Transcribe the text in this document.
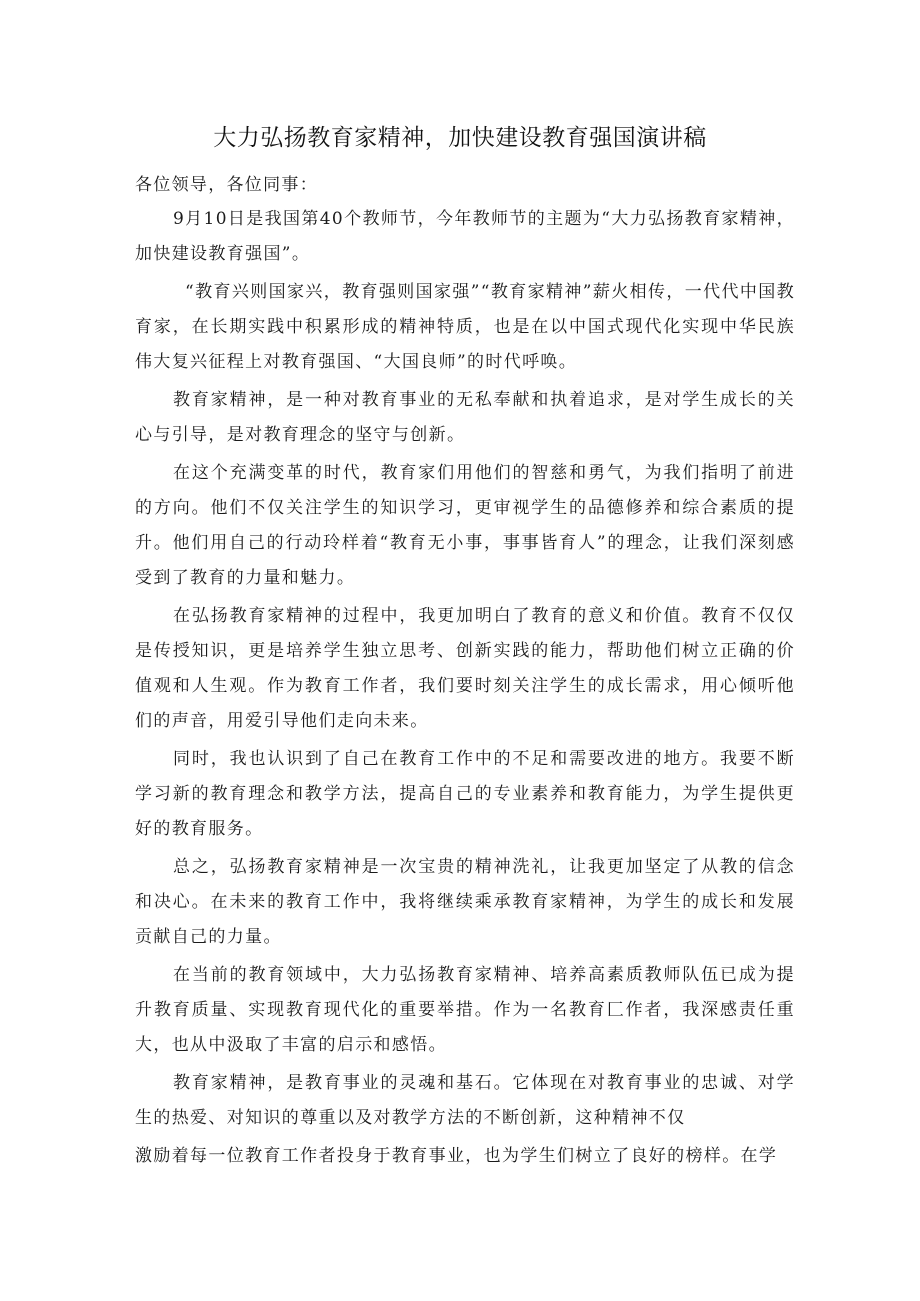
大力弘扬教育家精神，加快建设教育强国演讲稿

各位领导，各位同事：

9月10日是我国第40个教师节，今年教师节的主题为“大力弘扬教育家精神，加快建设教育强国”。

“教育兴则国家兴，教育强则国家强”“教育家精神”薪火相传，一代代中国教育家，在长期实践中积累形成的精神特质，也是在以中国式现代化实现中华民族伟大复兴征程上对教育强国、“大国良师”的时代呼唤。

教育家精神，是一种对教育事业的无私奉献和执着追求，是对学生成长的关心与引导，是对教育理念的坚守与创新。

在这个充满变革的时代，教育家们用他们的智慈和勇气，为我们指明了前进的方向。他们不仅关注学生的知识学习，更审视学生的品德修养和综合素质的提升。他们用自己的行动玲样着“教育无小事，事事皆育人”的理念，让我们深刻感受到了教育的力量和魅力。

在弘扬教育家精神的过程中，我更加明白了教育的意义和价值。教育不仅仅是传授知识，更是培养学生独立思考、创新实践的能力，帮助他们树立正确的价值观和人生观。作为教育工作者，我们要时刻关注学生的成长需求，用心倾听他们的声音，用爱引导他们走向未来。

同时，我也认识到了自己在教育工作中的不足和需要改进的地方。我要不断学习新的教育理念和教学方法，提高自己的专业素养和教育能力，为学生提供更好的教育服务。

总之，弘扬教育家精神是一次宝贵的精神洗礼，让我更加坚定了从教的信念和决心。在未来的教育工作中，我将继续乘承教育家精神，为学生的成长和发展贡献自己的力量。

在当前的教育领域中，大力弘扬教育家精神、培养高素质教师队伍已成为提升教育质量、实现教育现代化的重要举措。作为一名教育匚作者，我深感责任重大，也从中汲取了丰富的启示和感悟。

教育家精神，是教育事业的灵魂和基石。它体现在对教育事业的忠诚、对学生的热爱、对知识的尊重以及对教学方法的不断创新，这种精神不仅

激励着每一位教育工作者投身于教育事业，也为学生们树立了良好的榜样。在学
